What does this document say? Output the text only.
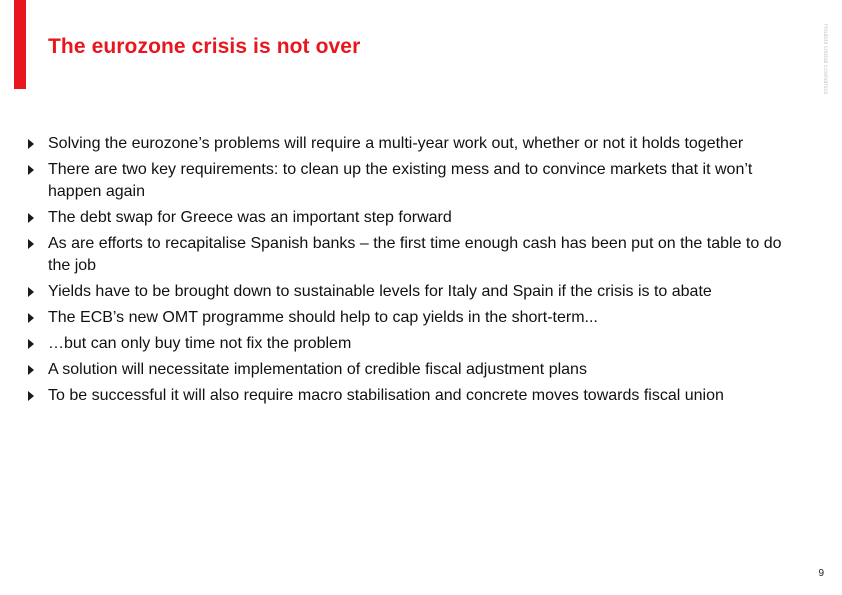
The eurozone crisis is not over	Roubini Global Economics
Solving the eurozone’s problems will require a multi-year work out, whether or not it holds together
There are two key requirements: to clean up the existing mess and to convince markets that it won’t happen again
The debt swap for Greece was an important step forward
As are efforts to recapitalise Spanish banks – the first time enough cash has been put on the table to do the job
Yields have to be brought down to sustainable levels for Italy and Spain if the crisis is to abate
The ECB’s new OMT programme should help to cap yields in the short-term...
…but can only buy time not fix the problem
A solution will necessitate implementation of credible fiscal adjustment plans
To be successful it will also require macro stabilisation and concrete moves towards fiscal union
9
